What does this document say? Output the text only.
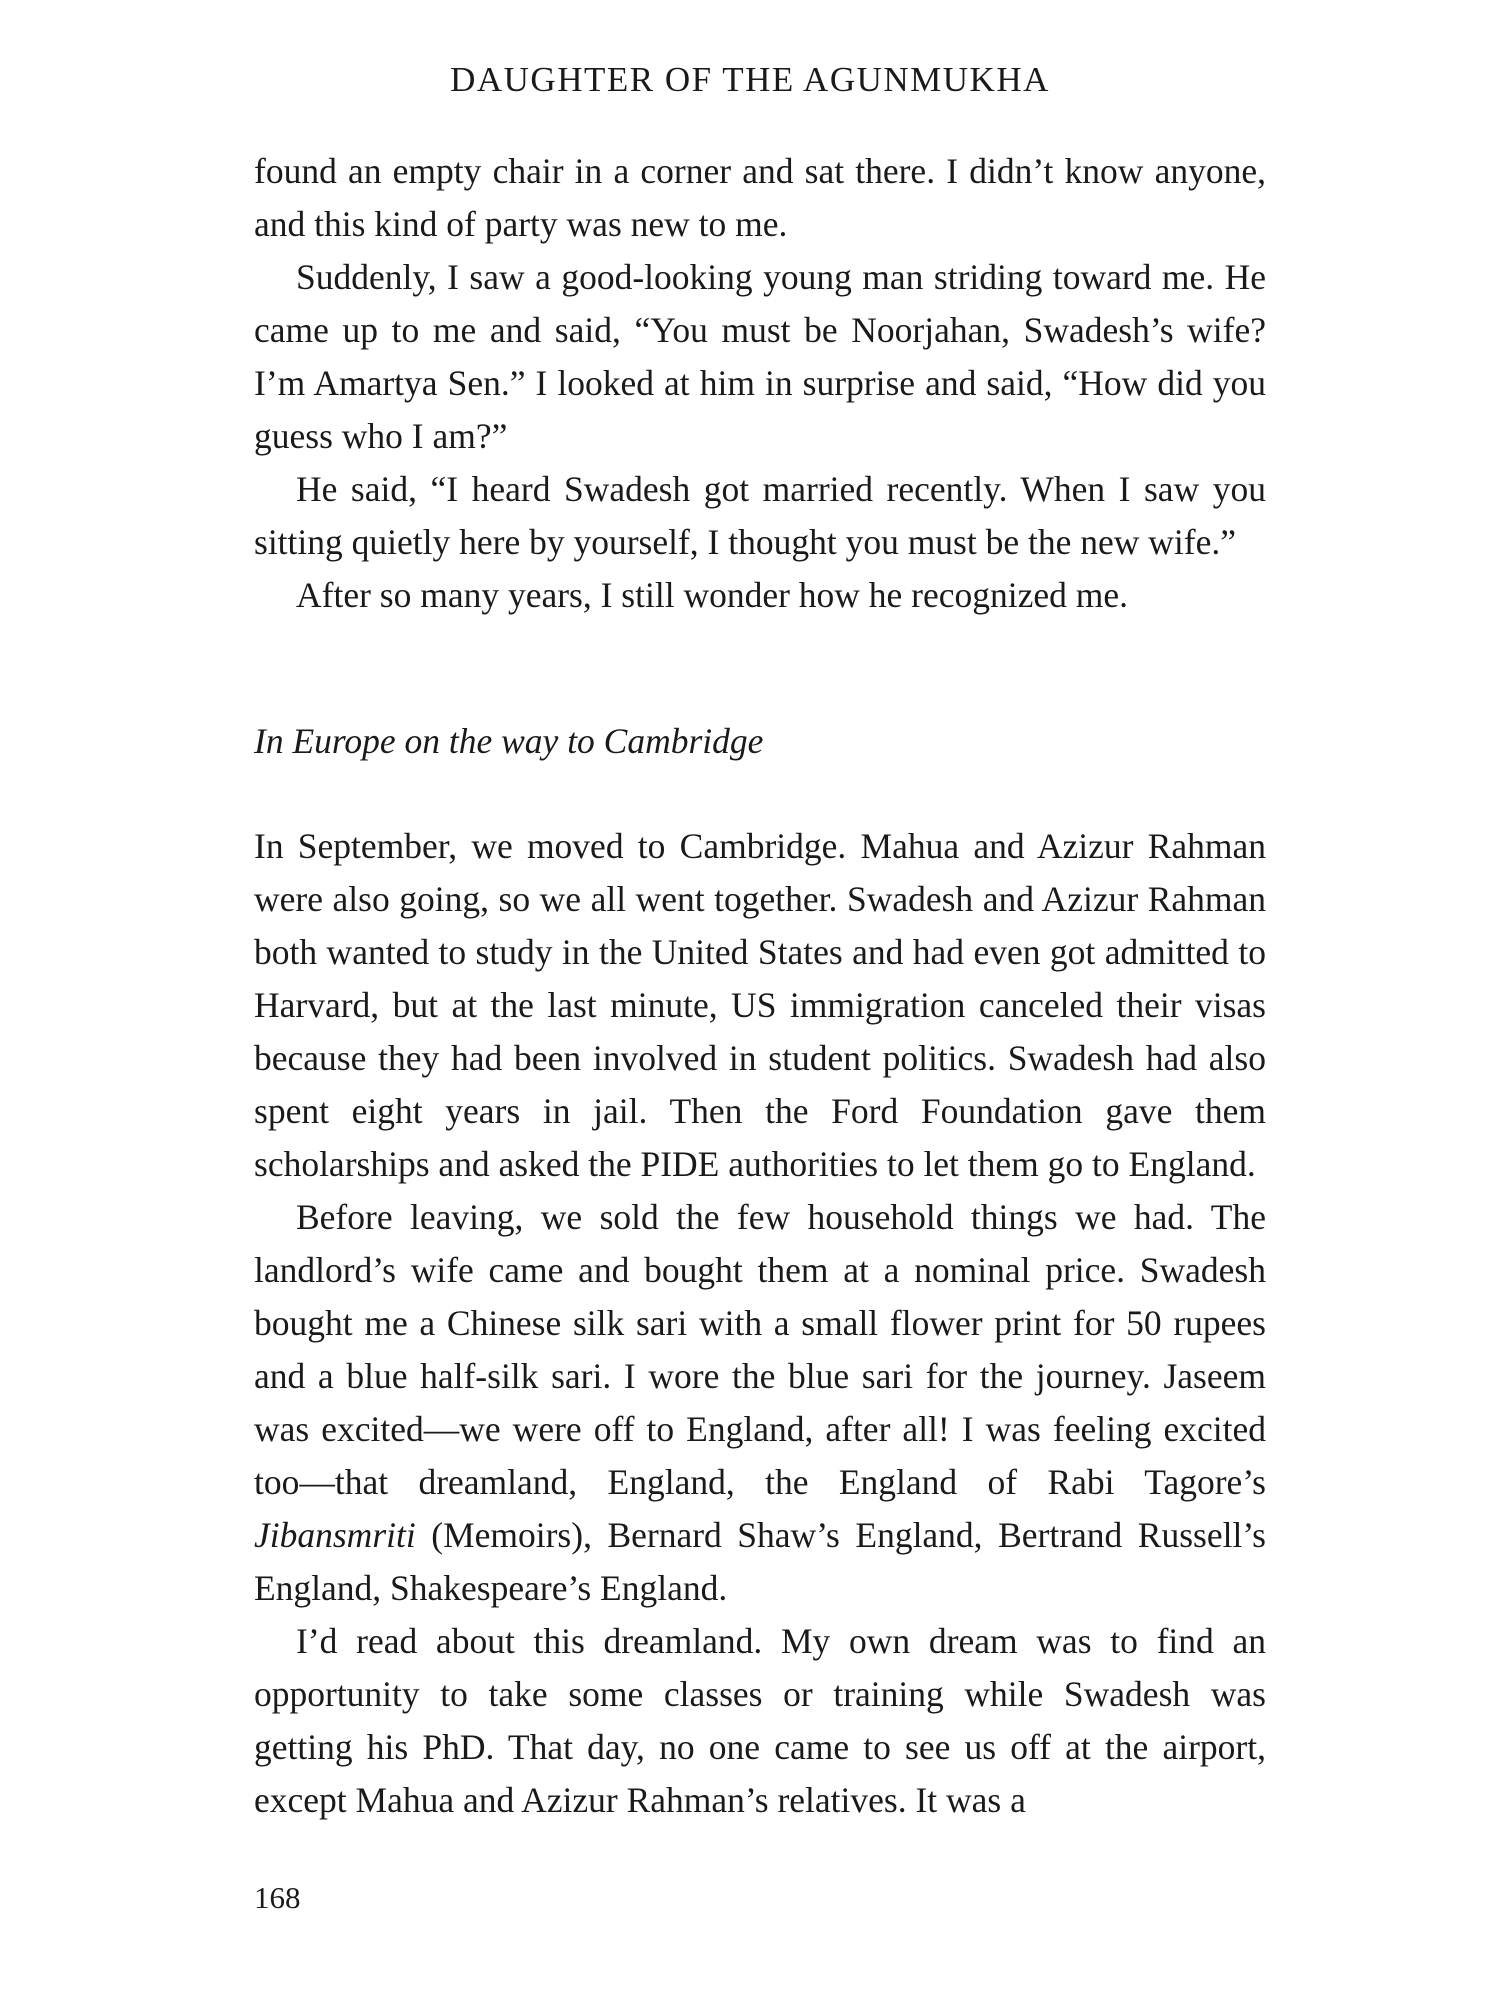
DAUGHTER OF THE AGUNMUKHA

found an empty chair in a corner and sat there. I didn’t know anyone, and this kind of party was new to me.

Suddenly, I saw a good-looking young man striding toward me. He came up to me and said, “You must be Noorjahan, Swadesh’s wife? I’m Amartya Sen.” I looked at him in surprise and said, “How did you guess who I am?”

He said, “I heard Swadesh got married recently. When I saw you sitting quietly here by yourself, I thought you must be the new wife.”

After so many years, I still wonder how he recognized me.

In Europe on the way to Cambridge

In September, we moved to Cambridge. Mahua and Azizur Rahman were also going, so we all went together. Swadesh and Azizur Rahman both wanted to study in the United States and had even got admitted to Harvard, but at the last minute, US immigration canceled their visas because they had been involved in student politics. Swadesh had also spent eight years in jail. Then the Ford Foundation gave them scholarships and asked the PIDE authorities to let them go to England.

Before leaving, we sold the few household things we had. The landlord’s wife came and bought them at a nominal price. Swadesh bought me a Chinese silk sari with a small flower print for 50 rupees and a blue half-silk sari. I wore the blue sari for the journey. Jaseem was excited—we were off to England, after all! I was feeling excited too—that dreamland, England, the England of Rabi Tagore’s Jibansmriti (Memoirs), Bernard Shaw’s England, Bertrand Russell’s England, Shakespeare’s England.

I’d read about this dreamland. My own dream was to find an opportunity to take some classes or training while Swadesh was getting his PhD. That day, no one came to see us off at the airport, except Mahua and Azizur Rahman’s relatives. It was a

168
